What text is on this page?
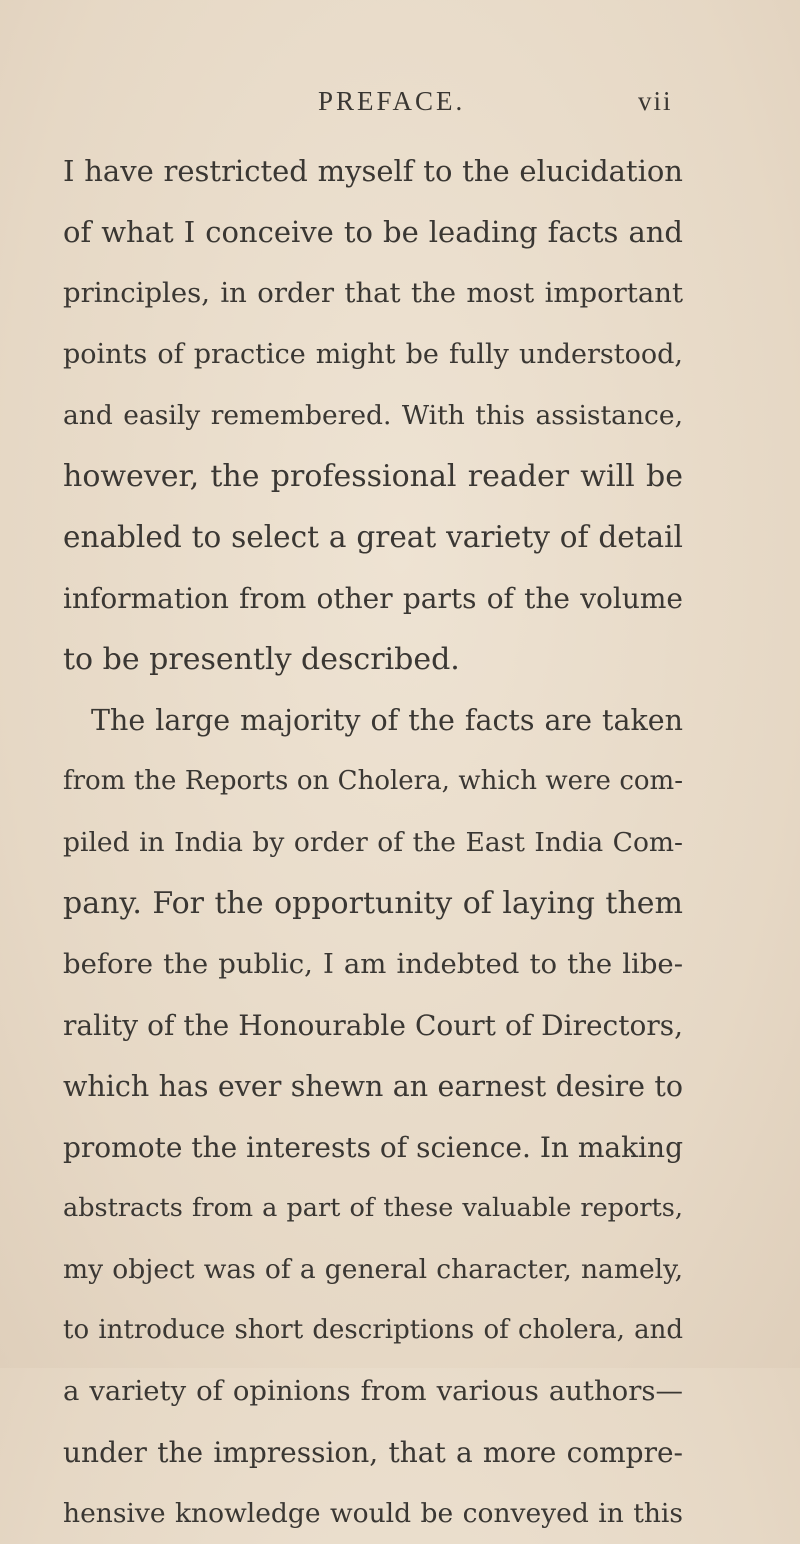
PREFACE.	vii
I have restricted myself to the elucidation
of what I conceive to be leading facts and
principles, in order that the most important
points of practice might be fully understood,
and easily remembered. With this assistance,
however, the professional reader will be
enabled to select a great variety of detail
information from other parts of the volume
to be presently described.
The large majority of the facts are taken
from the Reports on Cholera, which were com-
piled in India by order of the East India Com-
pany. For the opportunity of laying them
before the public, I am indebted to the libe-
rality of the Honourable Court of Directors,
which has ever shewn an earnest desire to
promote the interests of science. In making
abstracts from a part of these valuable reports,
my object was of a general character, namely,
to introduce short descriptions of cholera, and
a variety of opinions from various authors—
under the impression, that a more compre-
hensive knowledge would be conveyed in this
